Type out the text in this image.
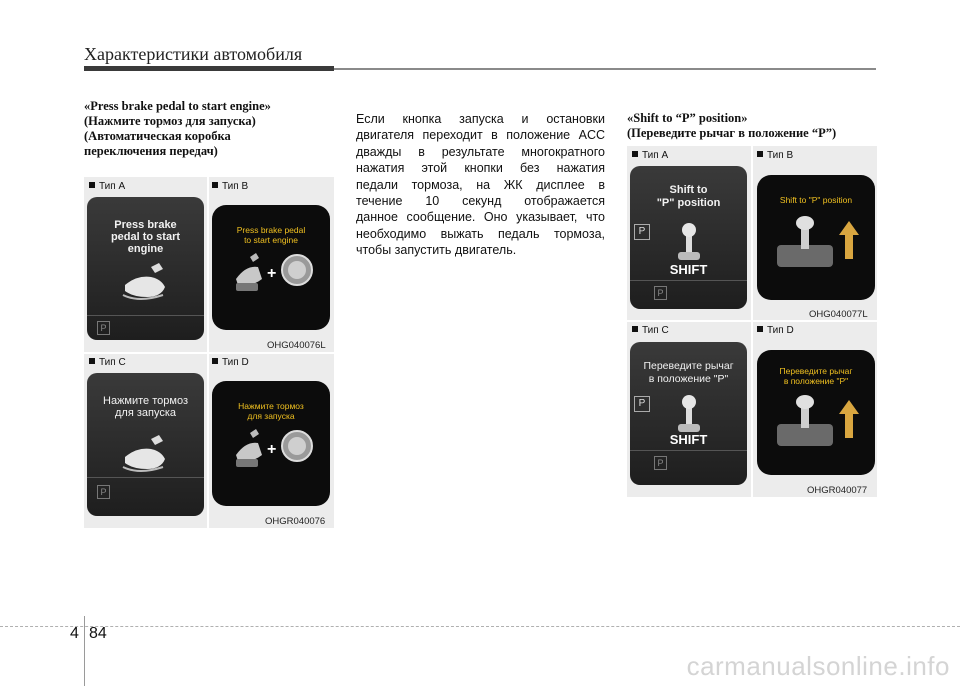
Характеристики автомобиля
«Press brake pedal to start engine»
(Нажмите тормоз для запуска)
(Автоматическая коробка
переключения передач)
Тип A	Тип B
Тип C	Тип D
Press brake
pedal to start
engine
P
Press brake pedal
to start engine
+
Нажмите тормоз
для запуска
P
Нажмите тормоз
для запуска
+
OHG040076L
OHGR040076
Если кнопка запуска и остановки
двигателя переходит в положение ACC
дважды в результате многократного
нажатия этой кнопки без нажатия
педали тормоза, на ЖК дисплее в
течение 10 секунд отображается
данное сообщение. Оно указывает, что
необходимо выжать педаль тормоза,
чтобы запустить двигатель.
«Shift to “P” position»
(Переведите рычаг в положение “P”)
Тип A	Тип B
Тип C	Тип D
Shift to
"P" position
P
SHIFT
P
Shift to "P" position
Переведите рычаг
в положение "P"
P
SHIFT
P
Переведите рычаг
в положение "P"
OHG040077L
OHGR040077
4 84
carmanualsonline.info
